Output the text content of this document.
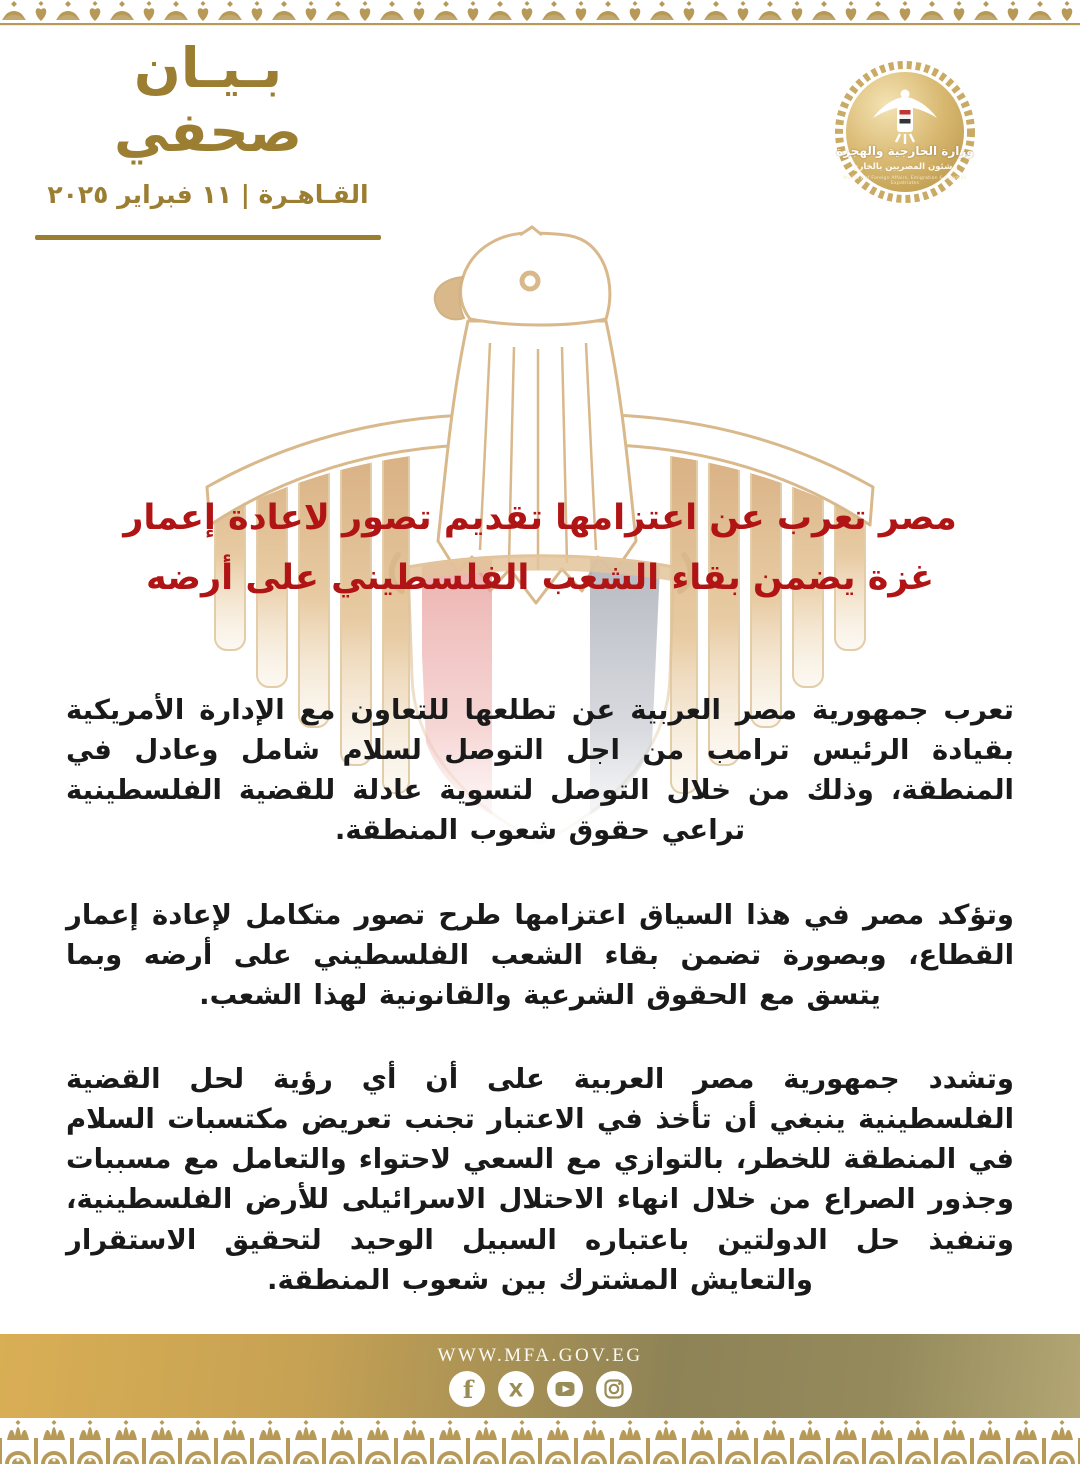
بـيـان صحفي
القـاهـرة | ١١ فبراير ٢٠٢٥
وزارة الخارجية والهجرة
وشئون المصريين بالخارج
Ministry of Foreign Affairs, Emigration & Egyptian Expatriates
مصر تعرب عن اعتزامها تقديم تصور لاعادة إعمار
غزة يضمن بقاء الشعب الفلسطيني على أرضه

تعرب جمهورية مصر العربية عن تطلعها للتعاون مع الإدارة الأمريكية بقيادة الرئيس ترامب من اجل التوصل لسلام شامل وعادل في المنطقة، وذلك من خلال التوصل لتسوية عادلة للقضية الفلسطينية تراعي حقوق شعوب المنطقة.

وتؤكد مصر في هذا السياق اعتزامها طرح تصور متكامل لإعادة إعمار القطاع، وبصورة تضمن بقاء الشعب الفلسطيني على أرضه وبما يتسق مع الحقوق الشرعية والقانونية لهذا الشعب.

وتشدد جمهورية مصر العربية على أن أي رؤية لحل القضية الفلسطينية ينبغي أن تأخذ في الاعتبار تجنب تعريض مكتسبات السلام في المنطقة للخطر، بالتوازي مع السعي لاحتواء والتعامل مع مسببات وجذور الصراع من خلال انهاء الاحتلال الاسرائيلى للأرض الفلسطينية، وتنفيذ حل الدولتين باعتباره السبيل الوحيد لتحقيق الاستقرار والتعايش المشترك بين شعوب المنطقة.

WWW.MFA.GOV.EG
f X
